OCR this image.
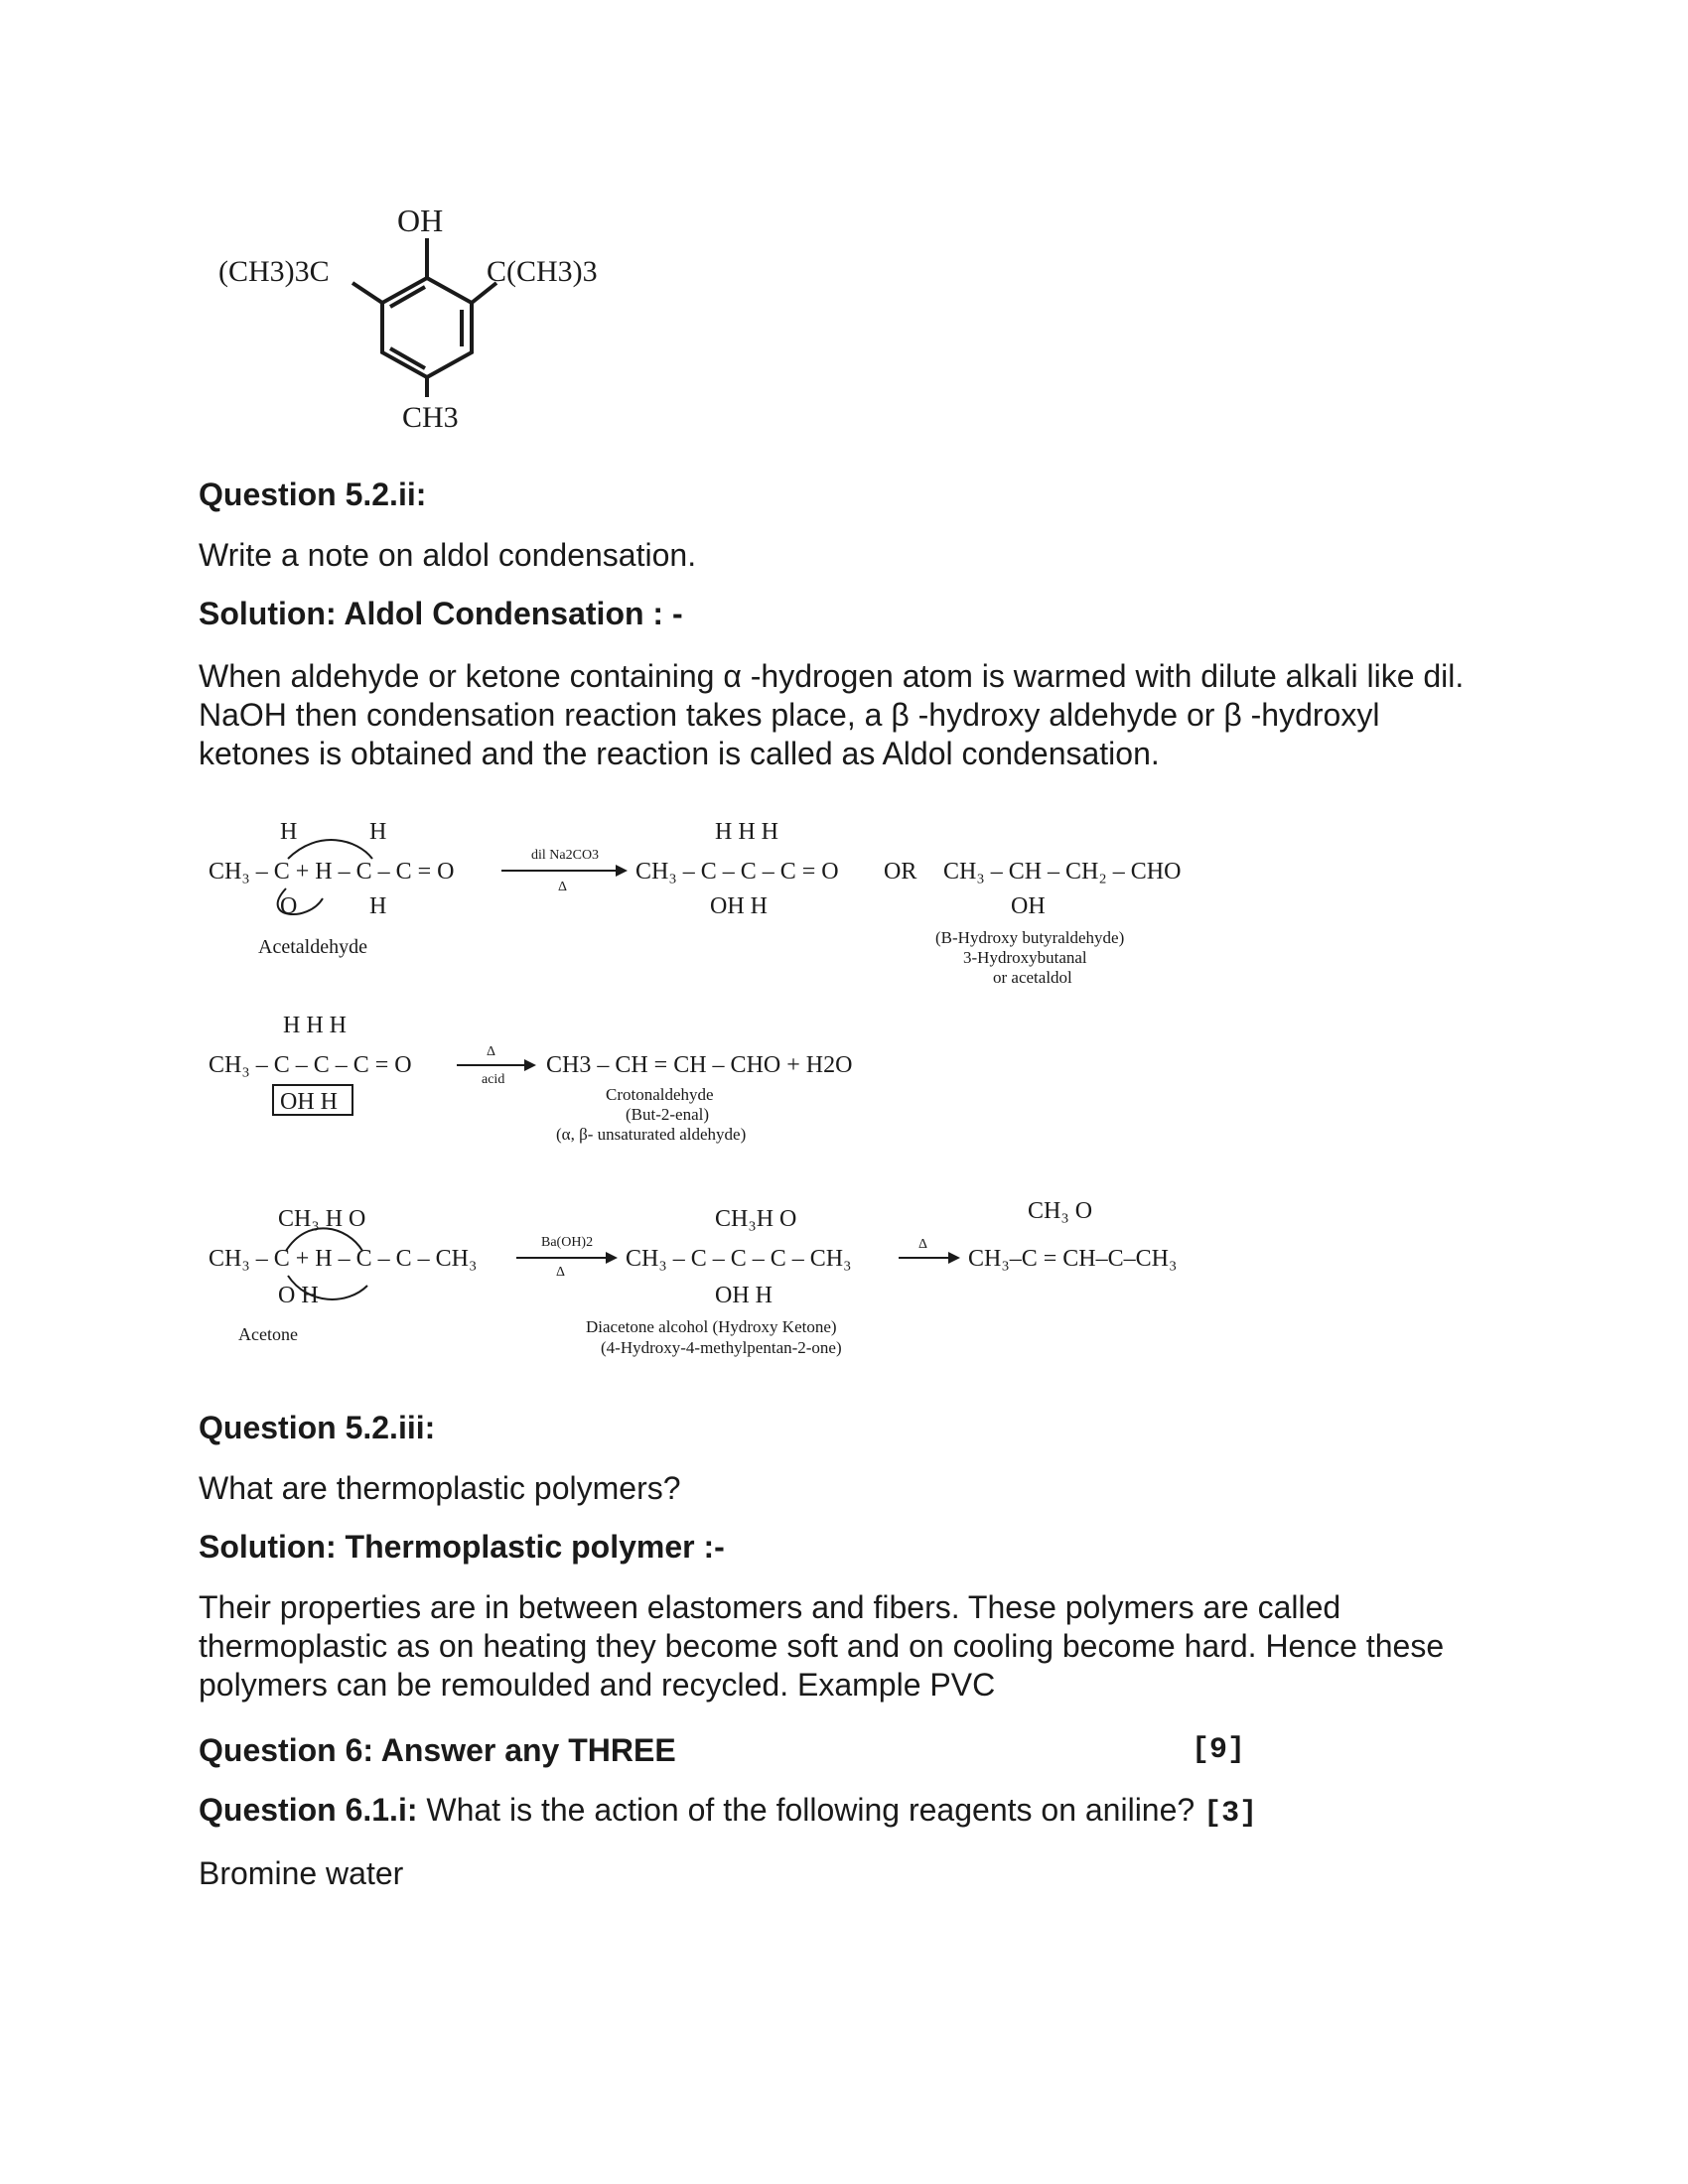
OH
(CH3)3C	C(CH3)3
CH3
Question 5.2.ii:
Write a note on aldol condensation.
Solution: Aldol Condensation : -
When aldehyde or ketone containing α -hydrogen atom is warmed with dilute alkali like dil. NaOH then condensation reaction takes place, a β -hydroxy aldehyde or β -hydroxyl ketones is obtained and the reaction is called as Aldol condensation.
CH₃ – C + H – C – C = O
H	H
O	H
Acetaldehyde
dil Na2CO3
Δ
CH₃ – C – C – C = O
H H H
OH H
OR CH₃ – CH – CH₂ – CHO
OH
(B-Hydroxy butyraldehyde)
3-Hydroxybutanal
or acetaldol
CH₃ – C – C – C = O
H H H
OH H
Δ
acid
CH3 – CH = CH – CHO + H2O
Crotonaldehyde
(But-2-enal)
(α, β- unsaturated aldehyde)
CH₃ – C + H – C – C – CH₃
CH₃ H O
O H
Acetone
Ba(OH)2
Δ
CH₃ – C – C – C – CH₃
CH₃H O
OH H
Diacetone alcohol (Hydroxy Ketone)
(4-Hydroxy-4-methylpentan-2-one)
Δ
CH₃–C = CH–C–CH₃
CH₃ O
Question 5.2.iii:
What are thermoplastic polymers?
Solution: Thermoplastic polymer :-
Their properties are in between elastomers and fibers. These polymers are called thermoplastic as on heating they become soft and on cooling become hard. Hence these polymers can be remoulded and recycled. Example PVC
Question 6: Answer any THREE	[9]
Question 6.1.i: What is the action of the following reagents on aniline? [3]
Bromine water
